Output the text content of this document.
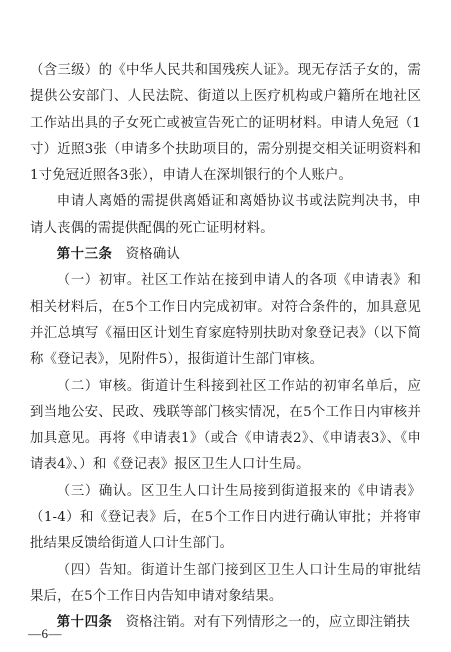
（含三级）的《中华人民共和国残疾人证》。现无存活子女的，需提供公安部门、人民法院、街道以上医疗机构或户籍所在地社区工作站出具的子女死亡或被宣告死亡的证明材料。申请人免冠（1寸）近照3张（申请多个扶助项目的，需分别提交相关证明资料和1寸免冠近照各3张），申请人在深圳银行的个人账户。

申请人离婚的需提供离婚证和离婚协议书或法院判决书，申请人丧偶的需提供配偶的死亡证明材料。

第十三条 资格确认

（一）初审。社区工作站在接到申请人的各项《申请表》和相关材料后，在5个工作日内完成初审。对符合条件的，加具意见并汇总填写《福田区计划生育家庭特别扶助对象登记表》（以下简称《登记表》，见附件5），报街道计生部门审核。

（二）审核。街道计生科接到社区工作站的初审名单后，应到当地公安、民政、残联等部门核实情况，在5个工作日内审核并加具意见。再将《申请表1》（或合《申请表2》、《申请表3》、《申请表4》、）和《登记表》报区卫生人口计生局。

（三）确认。区卫生人口计生局接到街道报来的《申请表》（1-4）和《登记表》后，在5个工作日内进行确认审批；并将审批结果反馈给街道人口计生部门。

（四）告知。街道计生部门接到区卫生人口计生局的审批结果后，在5个工作日内告知申请对象结果。

第十四条 资格注销。对有下列情形之一的，应立即注销扶

—6—
